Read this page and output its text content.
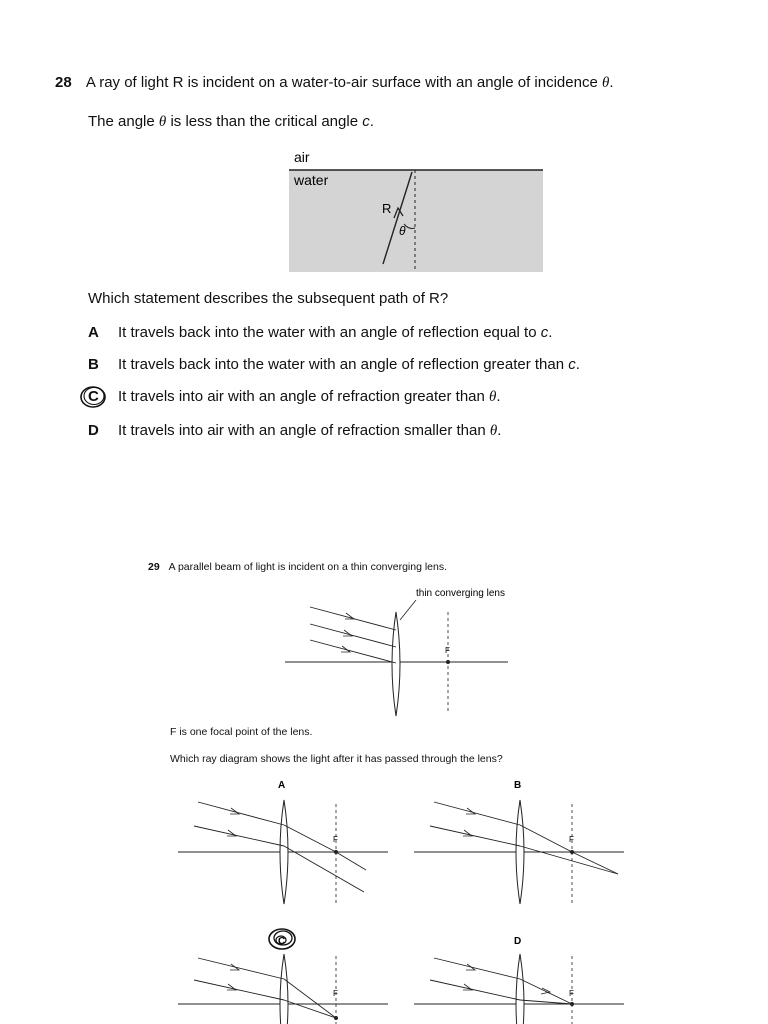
28 A ray of light R is incident on a water-to-air surface with an angle of incidence θ.
The angle θ is less than the critical angle c.
air
water
R
θ
Which statement describes the subsequent path of R?
A It travels back into the water with an angle of reflection equal to c.
B It travels back into the water with an angle of reflection greater than c.
C It travels into air with an angle of refraction greater than θ.
D It travels into air with an angle of refraction smaller than θ.
29 A parallel beam of light is incident on a thin converging lens.
thin converging lens
F
F is one focal point of the lens.
Which ray diagram shows the light after it has passed through the lens?
A
F
B
F
C
F
D
F
